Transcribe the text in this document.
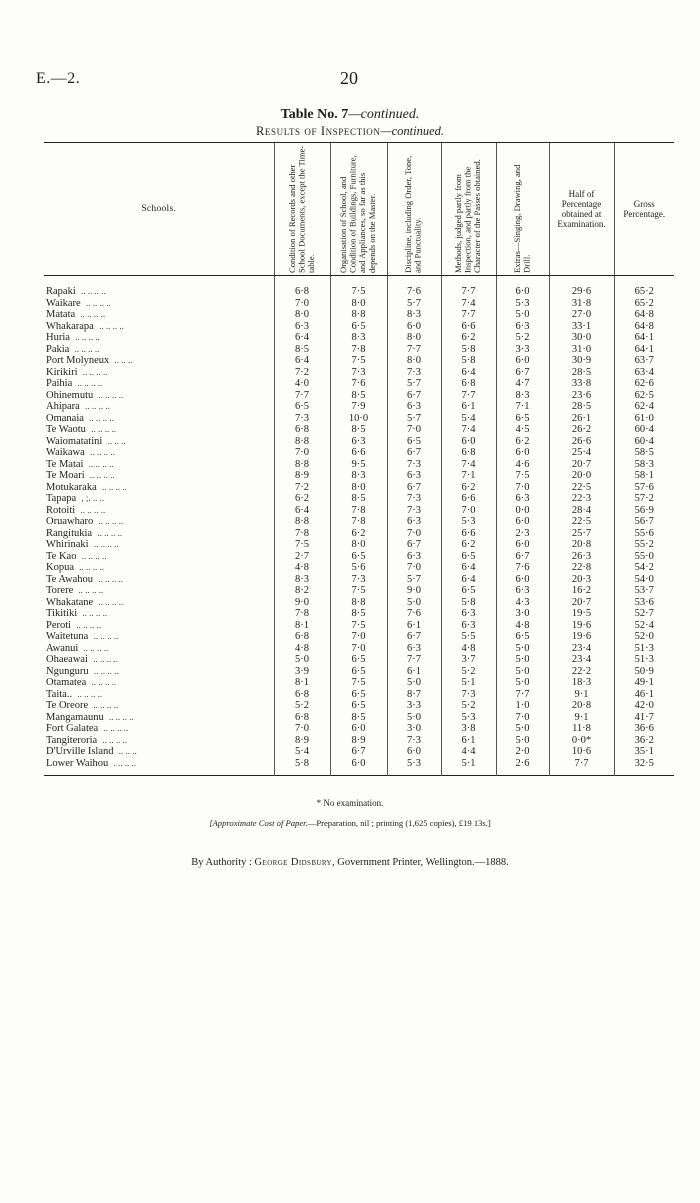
E.—2.	20
Table No. 7—continued.
Results of Inspection—continued.
Schools.	Condition of Records and other School Documents, except the Time-table.	Organisation of School, and Condition of Buildings, Furniture, and Appliances, so far as this depends on the Master.	Discipline, including Order, Tone, and Punctuality.	Methods, judged partly from Inspection, and partly from the Character of the Passes obtained.	Extras—Singing, Drawing, and Drill.	Half of Percentage obtained at Examination.	Gross Percentage.

Rapaki .. .. .. ..	6·8	7·5	7·6	7·7	6·0	29·6	65·2
Waikare .. .. .. ..	7·0	8·0	5·7	7·4	5·3	31·8	65·2
Matata .. .. .. ..	8·0	8·8	8·3	7·7	5·0	27·0	64·8
Whakarapa .. .. .. ..	6·3	6·5	6·0	6·6	6·3	33·1	64·8
Huria .. .. .. ..	6·4	8·3	8·0	6·2	5·2	30·0	64·1
Pakia .. .. .. ..	8·5	7·8	7·7	5·8	3·3	31·0	64·1
Port Molyneux .. .. ..	6·4	7·5	8·0	5·8	6·0	30·9	63·7
Kirikiri .. .. .. ..	7·2	7·3	7·3	6·4	6·7	28·5	63·4
Paihia .. .. .. ..	4·0	7·6	5·7	6·8	4·7	33·8	62·6
Ohinemutu .. .. .. ..	7·7	8·5	6·7	7·7	8·3	23·6	62·5
Ahipara .. .. .. ..	6·5	7·9	6·3	6·1	7·1	28·5	62·4
Omanaia .. .. .. ..	7·3	10·0	5·7	5·4	6·5	26·1	61·0
Te Waotu .. .. .. ..	6·8	8·5	7·0	7·4	4·5	26·2	60·4
Waiomatatini .. .. ..	8·8	6·3	6·5	6·0	6·2	26·6	60·4
Waikawa .. .. .. ..	7·0	6·6	6·7	6·8	6·0	25·4	58·5
Te Matai .. .. .. ..	8·8	9·5	7·3	7·4	4·6	20·7	58·3
Te Moari .. .. .. ..	8·9	8·3	6·3	7·1	7·5	20·0	58·1
Motukaraka .. .. .. ..	7·2	8·0	6·7	6·2	7·0	22·5	57·6
Tapapa , ;. .. ..	6·2	8·5	7·3	6·6	6·3	22·3	57·2
Rotoiti .. .. .. ..	6·4	7·8	7·3	7·0	0·0	28·4	56·9
Oruawharo .. .. .. ..	8·8	7·8	6·3	5·3	6·0	22·5	56·7
Rangitukia .. .. .. ..	7·8	6·2	7·0	6·6	2·3	25·7	55·6
Whirinaki .. .. .. ..	7·5	8·0	6·7	6·2	6·0	20·8	55·2
Te Kao .. .. .. ..	2·7	6·5	6·3	6·5	6·7	26·3	55·0
Kopua .. .. .. ..	4·8	5·6	7·0	6·4	7·6	22·8	54·2
Te Awahou .. .. .. ..	8·3	7·3	5·7	6·4	6·0	20·3	54·0
Torere .. .. .. ..	8·2	7·5	9·0	6·5	6·3	16·2	53·7
Whakatane .. .. .. ..	9·0	8·8	5·0	5·8	4·3	20·7	53·6
Tikitiki .. .. .. ..	7·8	8·5	7·6	6·3	3·0	19·5	52·7
Peroti .. .. .. ..	8·1	7·5	6·1	6·3	4·8	19·6	52·4
Waitetuna .. .. .. ..	6·8	7·0	6·7	5·5	6·5	19·6	52·0
Awanui .. .. .. ..	4·8	7·0	6·3	4·8	5·0	23·4	51·3
Ohaeawai .. .. .. ..	5·0	6·5	7·7	3·7	5·0	23·4	51·3
Ngunguru .. .. .. ..	3·9	6·5	6·1	5·2	5·0	22·2	50·9
Otamatea .. .. .. ..	8·1	7·5	5·0	5·1	5·0	18·3	49·1
Taita.. .. .. .. ..	6·8	6·5	8·7	7·3	7·7	9·1	46·1
Te Oreore .. .. .. ..	5·2	6·5	3·3	5·2	1·0	20·8	42·0
Mangamaunu .. .. .. ..	6·8	8·5	5·0	5·3	7·0	9·1	41·7
Fort Galatea .. .. .. ..	7·0	6·0	3·0	3·8	5·0	11·8	36·6
Tangiteroria .. .. .. ..	8·9	8·9	7·3	6·1	5·0	0·0*	36·2
D'Urville Island .. .. ..	5·4	6·7	6·0	4·4	2·0	10·6	35·1
Lower Waihou . .. .. ..	5·8	6·0	5·3	5·1	2·6	7·7	32·5

* No examination.
[Approximate Cost of Paper.—Preparation, nil ; printing (1,625 copies), £19 13s.]
By Authority : George Didsbury, Government Printer, Wellington.—1888.
